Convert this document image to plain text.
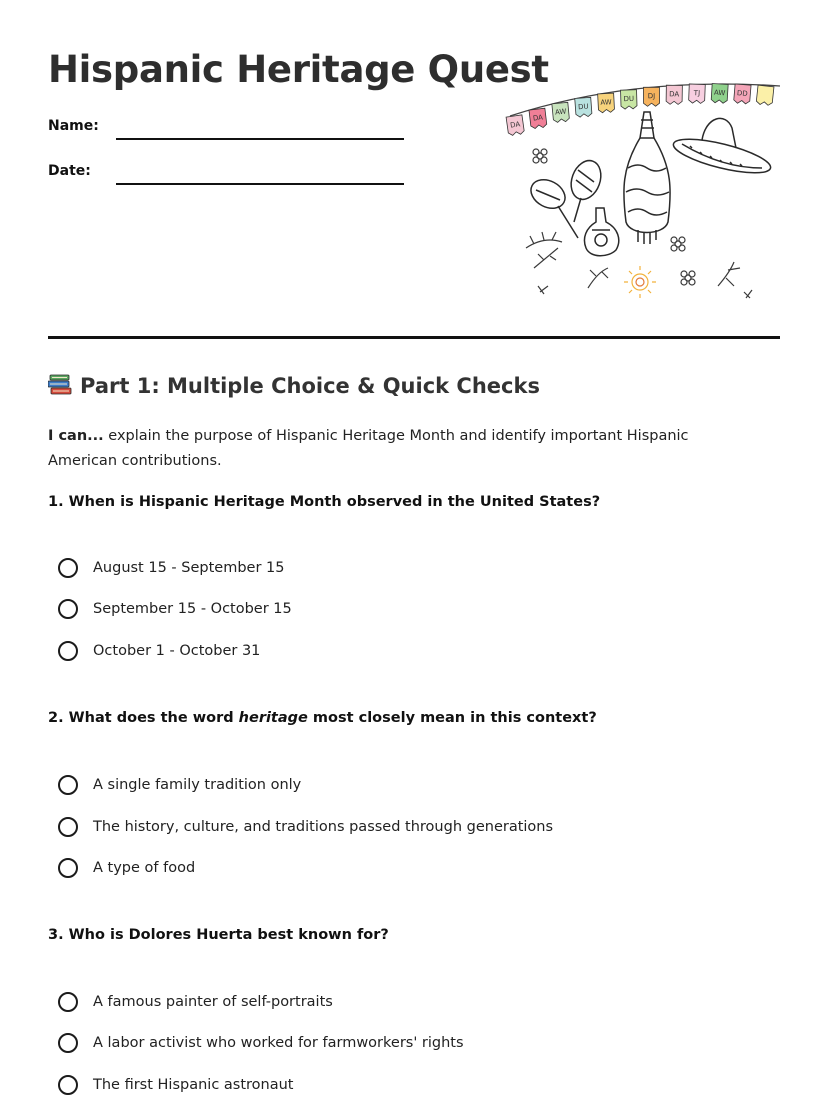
Hispanic Heritage Quest
Name:
Date:
DA
DA
AW
DU AW DU DJ DA TJ AW DD
Part 1: Multiple Choice & Quick Checks

I can... explain the purpose of Hispanic Heritage Month and identify important Hispanic American contributions.

1. When is Hispanic Heritage Month observed in the United States?

August 15 - September 15
September 15 - October 15
October 1 - October 31

2. What does the word heritage most closely mean in this context?

A single family tradition only
The history, culture, and traditions passed through generations
A type of food

3. Who is Dolores Huerta best known for?

A famous painter of self-portraits
A labor activist who worked for farmworkers' rights
The first Hispanic astronaut
